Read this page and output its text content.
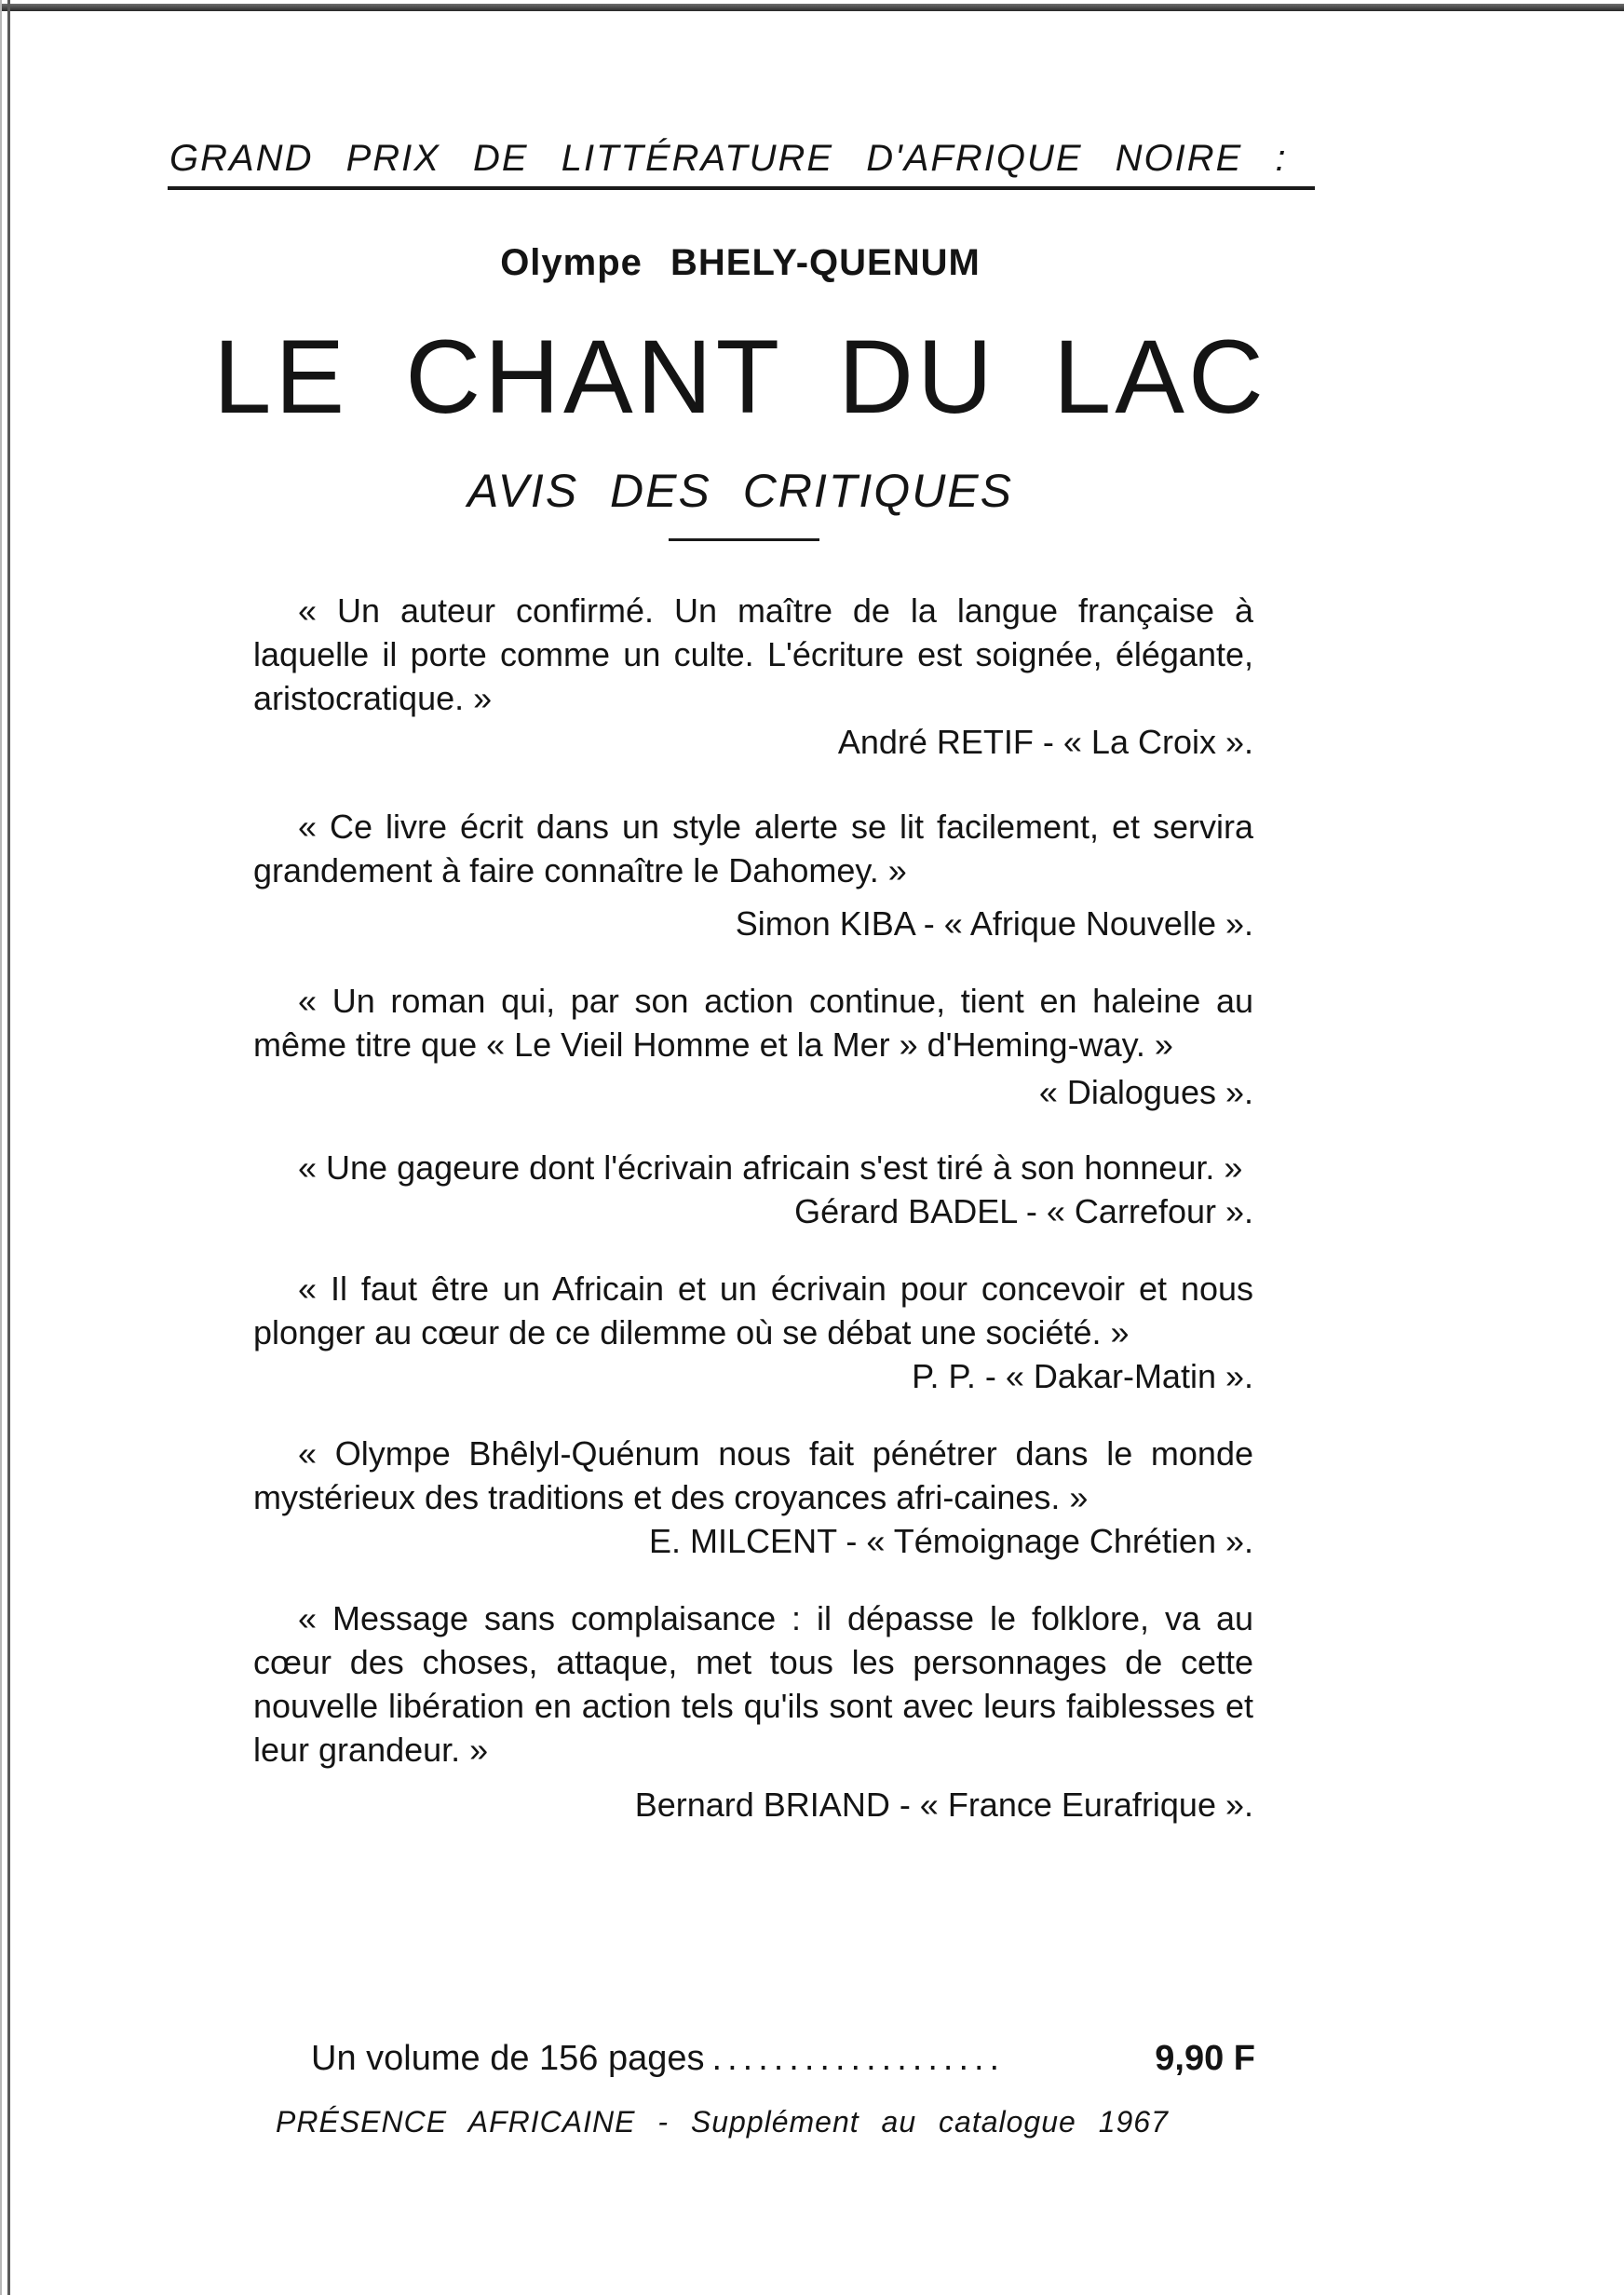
GRAND PRIX DE LITTÉRATURE D'AFRIQUE NOIRE :
Olympe BHELY-QUENUM
LE CHANT DU LAC
AVIS DES CRITIQUES

« Un auteur confirmé. Un maître de la langue française à laquelle il porte comme un culte. L'écriture est soignée, élégante, aristocratique. »

André RETIF - « La Croix ».

« Ce livre écrit dans un style alerte se lit facilement, et servira grandement à faire connaître le Dahomey. »

Simon KIBA - « Afrique Nouvelle ».

« Un roman qui, par son action continue, tient en haleine au même titre que « Le Vieil Homme et la Mer » d'Heming-way. »

« Dialogues ».

« Une gageure dont l'écrivain africain s'est tiré à son honneur. »

Gérard BADEL - « Carrefour ».

« Il faut être un Africain et un écrivain pour concevoir et nous plonger au cœur de ce dilemme où se débat une société. »

P. P. - « Dakar-Matin ».

« Olympe Bhêlyl-Quénum nous fait pénétrer dans le monde mystérieux des traditions et des croyances afri-caines. »

E. MILCENT - « Témoignage Chrétien ».

« Message sans complaisance : il dépasse le folklore, va au cœur des choses, attaque, met tous les personnages de cette nouvelle libération en action tels qu'ils sont avec leurs faiblesses et leur grandeur. »

Bernard BRIAND - « France Eurafrique ».

Un volume de 156 pages ...................	9,90 F
PRÉSENCE AFRICAINE - Supplément au catalogue 1967
